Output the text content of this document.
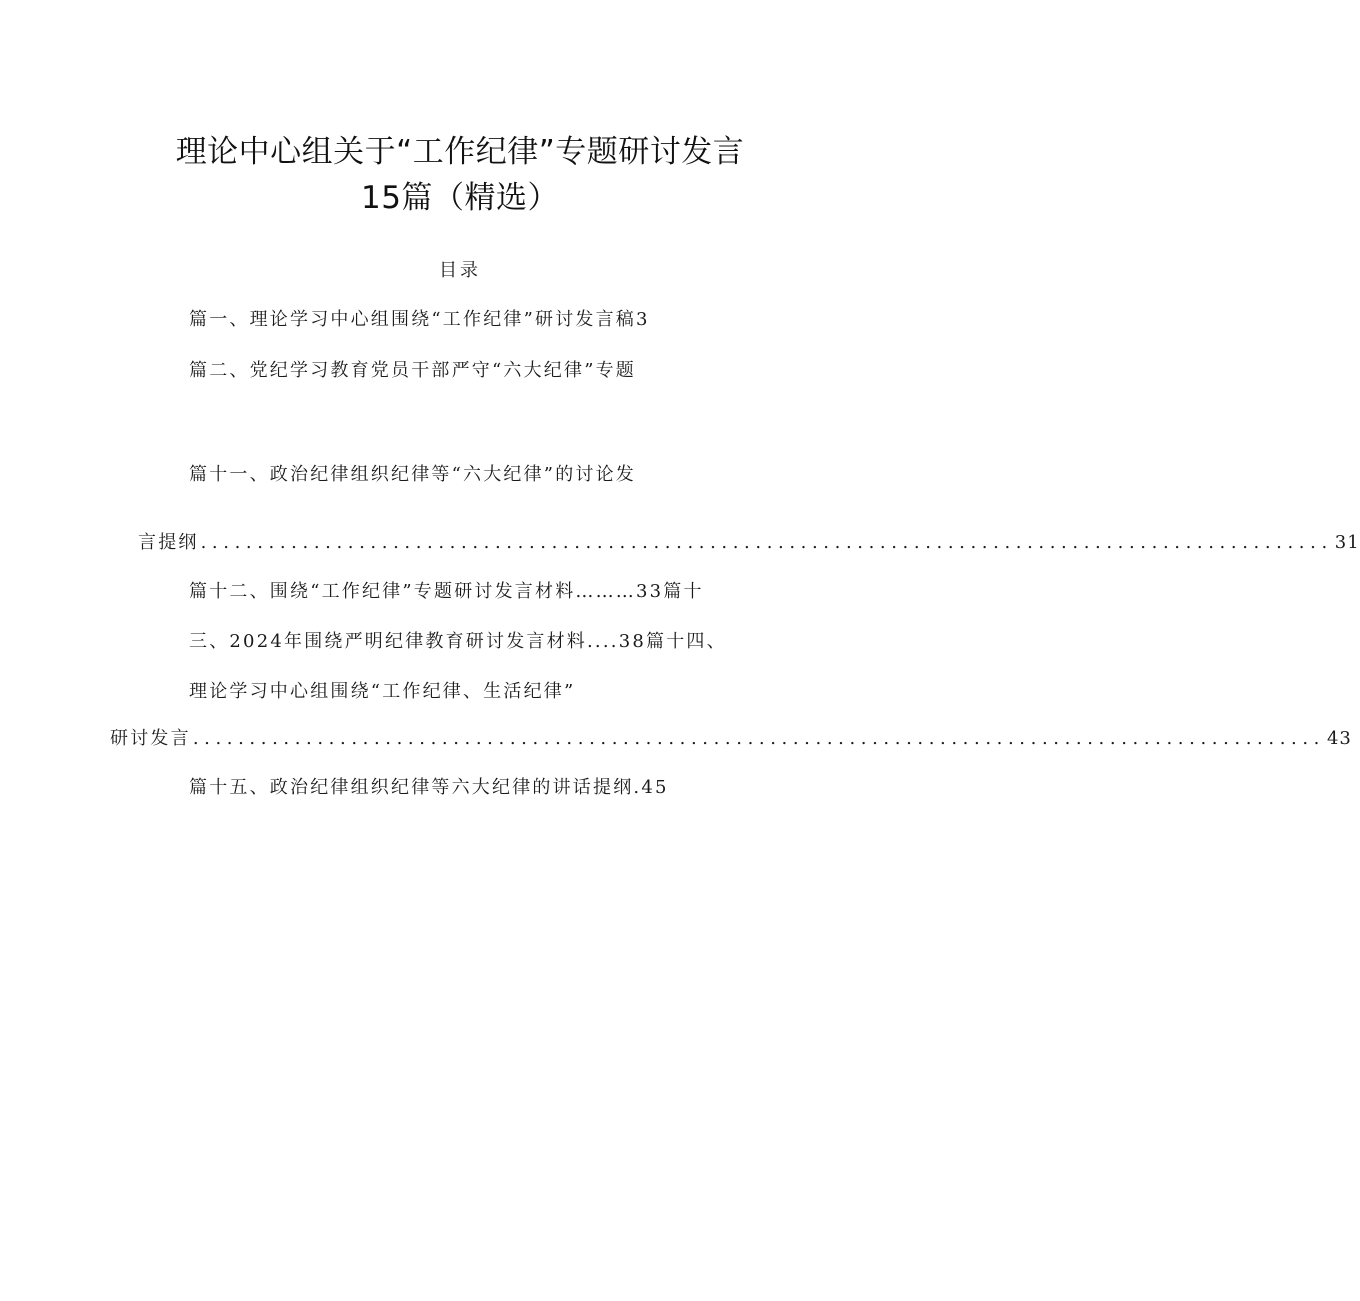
理论中心组关于“工作纪律”专题研讨发言
15篇（精选）
目录
篇一、理论学习中心组围绕“工作纪律”研讨发言稿3
篇二、党纪学习教育党员干部严守“六大纪律”专题
篇十一、政治纪律组织纪律等“六大纪律”的讨论发
言提纲 .................................................................................................... 31
篇十二、围绕“工作纪律”专题研讨发言材料………33篇十
三、2024年围绕严明纪律教育研讨发言材料....38篇十四、
理论学习中心组围绕“工作纪律、生活纪律”
研讨发言 .................................................................................................... 43
篇十五、政治纪律组织纪律等六大纪律的讲话提纲.45
